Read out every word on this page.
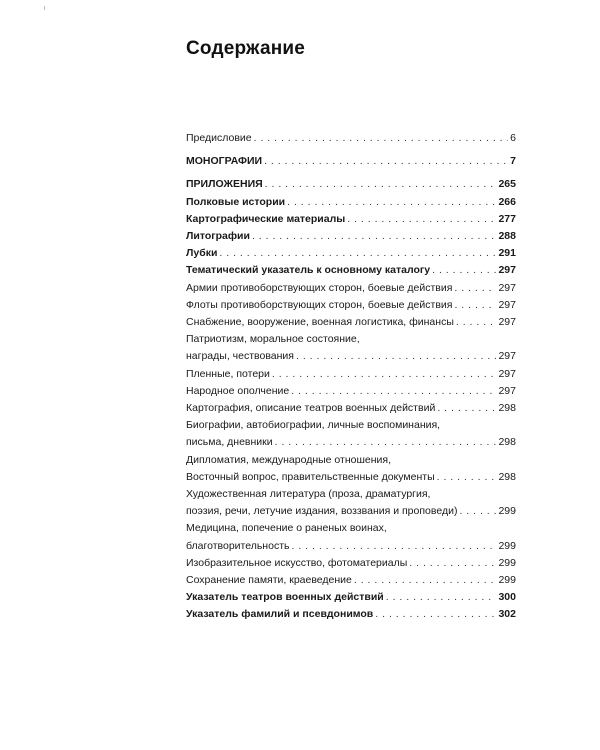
Содержание
Предисловие . . .	6
МОНОГРАФИИ . . .	7
ПРИЛОЖЕНИЯ . . .	265
Полковые истории . . .	266
Картографические материалы . . .	277
Литографии . . .	288
Лубки . . .	291
Тематический указатель к основному каталогу . . .	297
Армии противоборствующих сторон, боевые действия . . .	297
Флоты противоборствующих сторон, боевые действия . . .	297
Снабжение, вооружение, военная логистика, финансы . . .	297
Патриотизм, моральное состояние,
награды, чествования . . .	297
Пленные, потери . . .	297
Народное ополчение . . .	297
Картография, описание театров военных действий . . .	298
Биографии, автобиографии, личные воспоминания,
письма, дневники . . .	298
Дипломатия, международные отношения,
Восточный вопрос, правительственные документы . . .	298
Художественная литература (проза, драматургия,
поэзия, речи, летучие издания, воззвания и проповеди) . . .	299
Медицина, попечение о раненых воинах,
благотворительность . . .	299
Изобразительное искусство, фотоматериалы . . .	299
Сохранение памяти, краеведение . . .	299
Указатель театров военных действий . . .	300
Указатель фамилий и псевдонимов . . .	302
